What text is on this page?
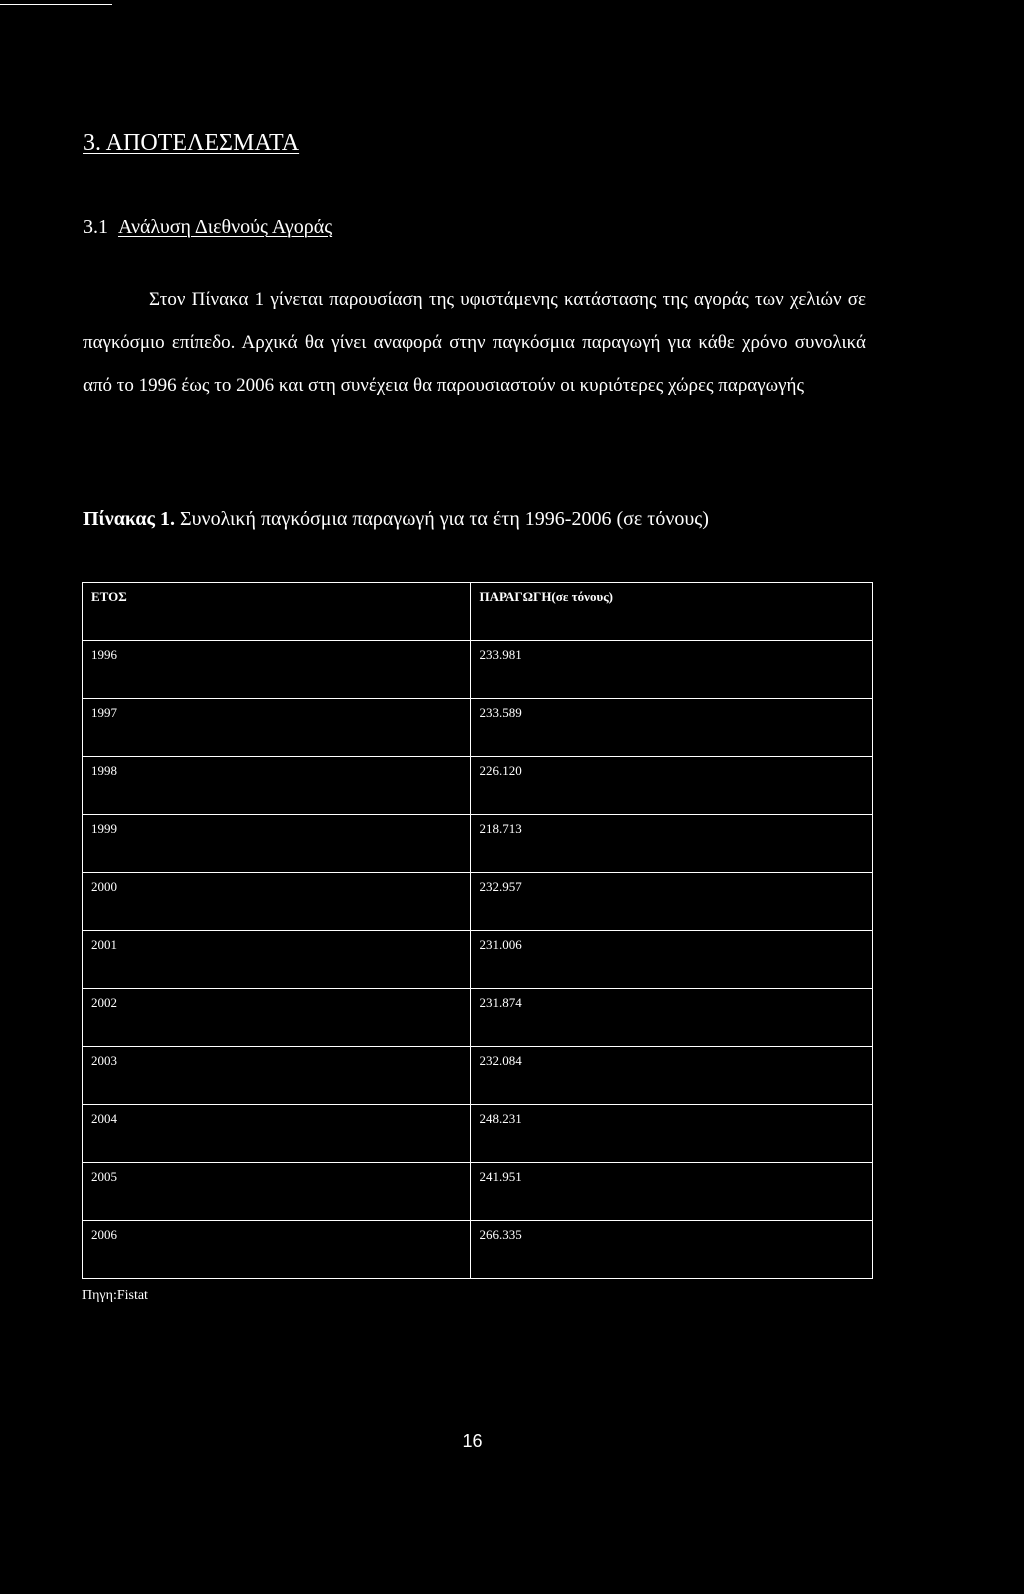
3. ΑΠΟΤΕΛΕΣΜΑΤΑ
3.1 Ανάλυση Διεθνούς Αγοράς

Στον Πίνακα 1 γίνεται παρουσίαση της υφιστάμενης κατάστασης της αγοράς των χελιών σε παγκόσμιο επίπεδο. Αρχικά θα γίνει αναφορά στην παγκόσμια παραγωγή για κάθε χρόνο συνολικά από το 1996 έως το 2006 και στη συνέχεια θα παρουσιαστούν οι κυριότερες χώρες παραγωγής

Πίνακας 1. Συνολική παγκόσμια παραγωγή για τα έτη 1996-2006 (σε τόνους)
ΕΤΟΣ	ΠΑΡΑΓΩΓΗ(σε τόνους)
1996	233.981
1997	233.589
1998	226.120
1999	218.713
2000	232.957
2001	231.006
2002	231.874
2003	232.084
2004	248.231
2005	241.951
2006	266.335
Πηγη:Fistat
16
